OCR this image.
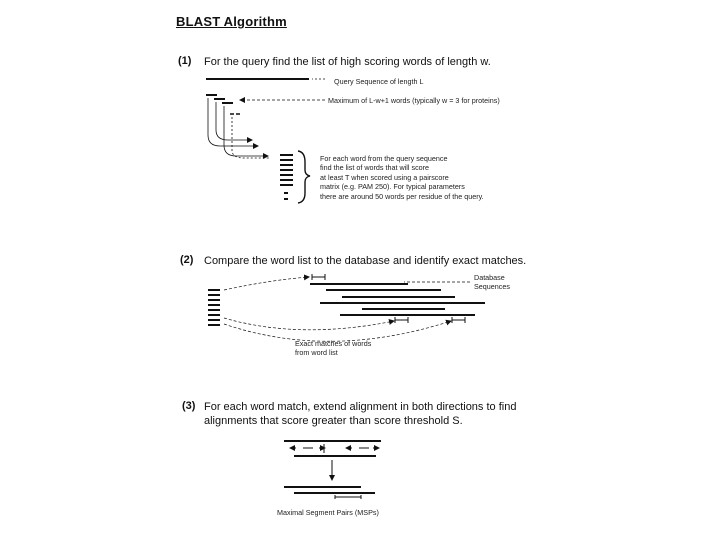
BLAST Algorithm
(1) For the query find the list of high scoring words of length w.
Query Sequence of length L
Maximum of L-w+1 words (typically w = 3 for proteins)
For each word from the query sequence
find the list of words that will score
at least T when scored using a pairscore
matrix (e.g. PAM 250). For typical parameters
there are around 50 words per residue of the query.
(2) Compare the word list to the database and identify exact matches.
Database
Sequences
Exact matches of words
from word list
(3) For each word match, extend alignment in both directions to find
alignments that score greater than score threshold S.
Maximal Segment Pairs (MSPs)
